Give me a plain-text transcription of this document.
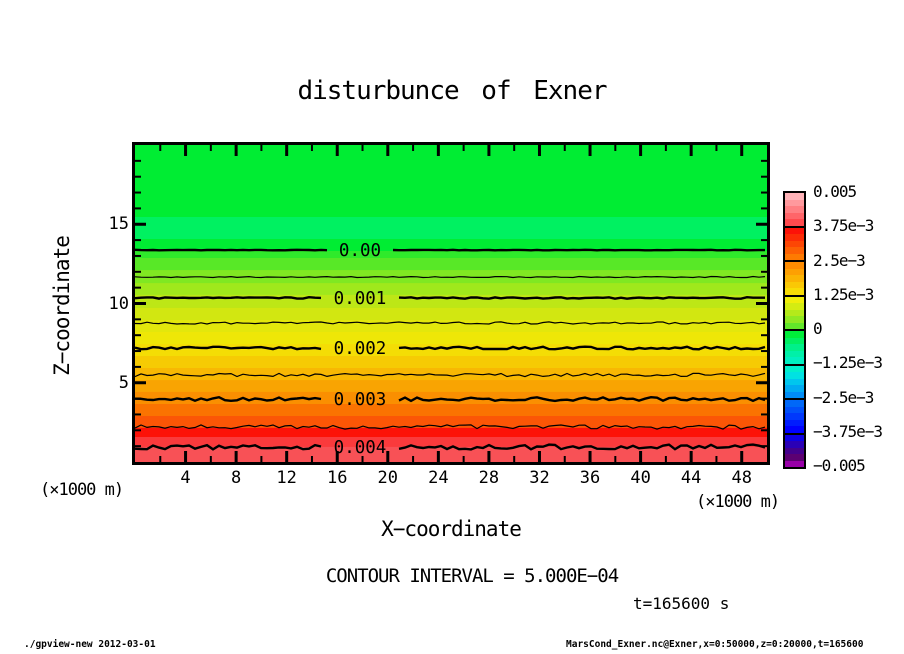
disturbunce of Exner
0.00
0.001
0.002
0.003
0.004
Z−coordinate
X−coordinate
(×1000 m)
(×1000 m)
15
10
5
4	8	12	16	20	24	28	32	36	40	44	48
0.005
3.75e−3
2.5e−3
1.25e−3
0
−1.25e−3
−2.5e−3
−3.75e−3
−0.005
CONTOUR INTERVAL = 5.000E−04
t=165600 s
./gpview-new 2012-03-01	MarsCond_Exner.nc@Exner,x=0:50000,z=0:20000,t=165600
